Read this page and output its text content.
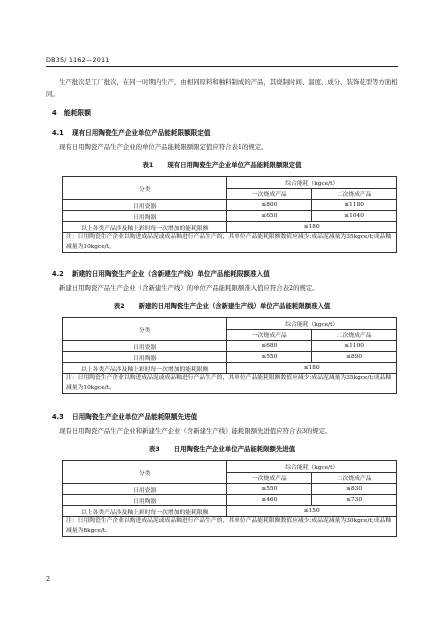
DB35/ 1162—2011
生产批次是工厂批次，在同一时期内生产，由相同原料和釉料制成的产品，其烧制时间、温度、成分、装饰花型等方面相同。
4 能耗限额
4.1 现有日用陶瓷生产企业单位产品能耗限额限定值
现有日用陶瓷产品生产企业的单位产品能耗限额限定值应符合表1的规定。
表1 现有日用陶瓷生产企业单位产品能耗限额限定值
分类	综合能耗（kgce/t）	
	一次烧成产品	二次烧成产品
日用瓷器	≤800	≤1180
日用陶器	≤650	≤1040
以上各类产品涉及釉上彩时每一次增加的能耗限额	≤180	
注：日用陶瓷生产企业以购进成品泥或成品釉进行产品生产的，其单位产品能耗限额数值应减少:成品泥减量为35kgce/t;成品釉减量为10kgce/t。		
4.2 新建的日用陶瓷生产企业（含新建生产线）单位产品能耗限额准入值
新建日用陶瓷产品生产企业（含新建生产线）的单位产品能耗限额准入值应符合表2的规定。
表2 新建的日用陶瓷生产企业（含新建生产线）单位产品能耗限额准入值
分类	综合能耗（kgce/t）	
	一次烧成产品	二次烧成产品
日用瓷器	≤680	≤1100
日用陶器	≤550	≤890
以上各类产品涉及釉上彩时每一次增加的能耗限额	≤180	
注：日用陶瓷生产企业以购进成品泥或成品釉进行产品生产的，其单位产品能耗限额数值应减少:成品泥减量为35kgce/t;成品釉减量为10kgce/t。		
4.3 日用陶瓷生产企业单位产品能耗限额先进值
现有日用陶瓷产品生产企业和新建生产企业（含新建生产线）能耗限额先进值应符合表3的规定。
表3 日用陶瓷生产企业单位产品能耗限额先进值
分类	综合能耗（kgce/t）	
	一次烧成产品	二次烧成产品
日用瓷器	≤550	≤830
日用陶器	≤460	≤730
以上各类产品涉及釉上彩时每一次增加的能耗限额	≤150	
注：日用陶瓷生产企业以购进成品泥或成品釉进行产品生产的，其单位产品能耗限额数值应减少:成品泥减量为30kgce/t;成品釉减量为8kgce/t。		
2
